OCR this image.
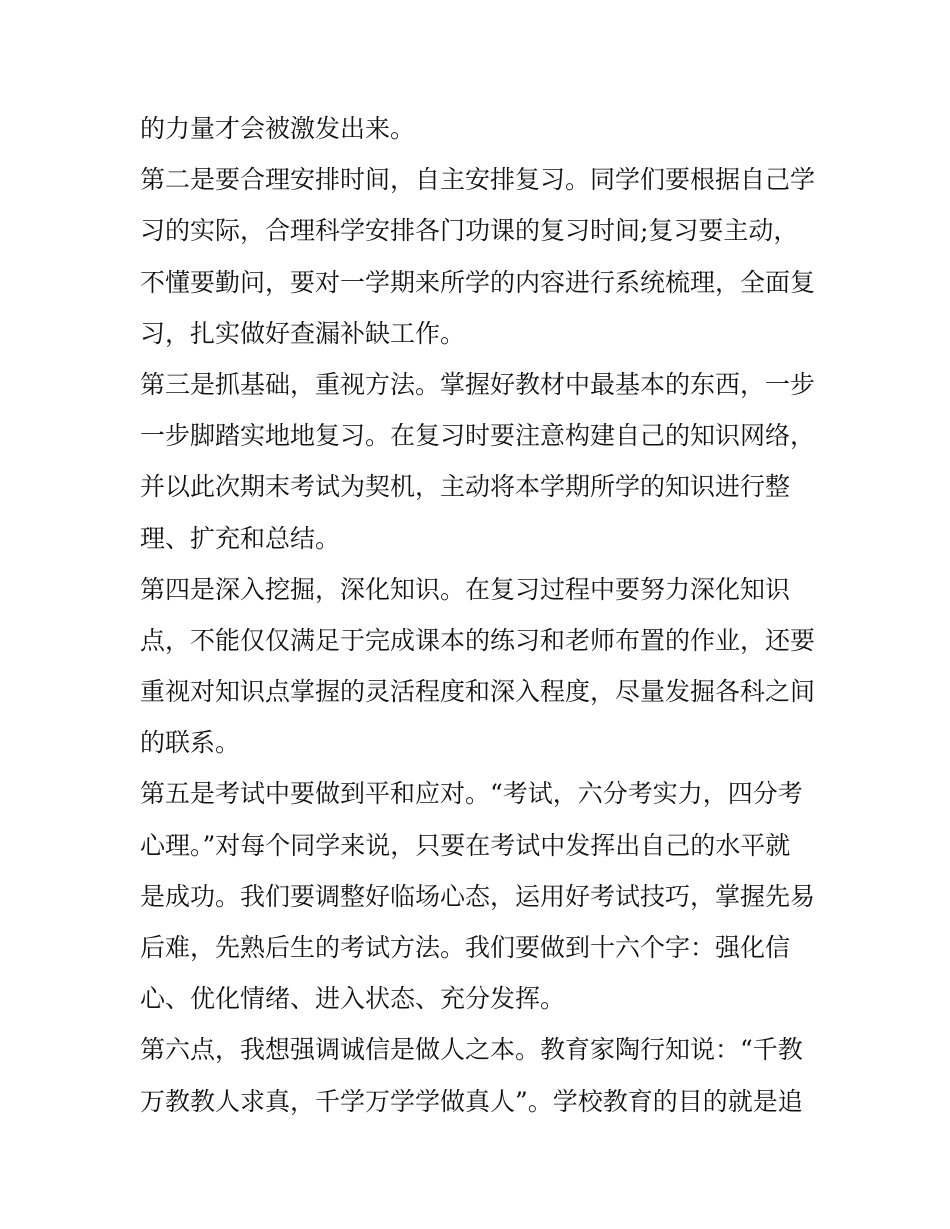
的力量才会被激发出来。
第二是要合理安排时间，自主安排复习。同学们要根据自己学
习的实际，合理科学安排各门功课的复习时间;复习要主动，
不懂要勤问，要对一学期来所学的内容进行系统梳理，全面复
习，扎实做好查漏补缺工作。
第三是抓基础，重视方法。掌握好教材中最基本的东西，一步
一步脚踏实地地复习。在复习时要注意构建自己的知识网络，
并以此次期末考试为契机，主动将本学期所学的知识进行整
理、扩充和总结。
第四是深入挖掘，深化知识。在复习过程中要努力深化知识
点，不能仅仅满足于完成课本的练习和老师布置的作业，还要
重视对知识点掌握的灵活程度和深入程度，尽量发掘各科之间
的联系。
第五是考试中要做到平和应对。“考试，六分考实力，四分考
心理。”对每个同学来说，只要在考试中发挥出自己的水平就
是成功。我们要调整好临场心态，运用好考试技巧，掌握先易
后难，先熟后生的考试方法。我们要做到十六个字：强化信
心、优化情绪、进入状态、充分发挥。
第六点，我想强调诚信是做人之本。教育家陶行知说：“千教
万教教人求真，千学万学学做真人”。学校教育的目的就是追
